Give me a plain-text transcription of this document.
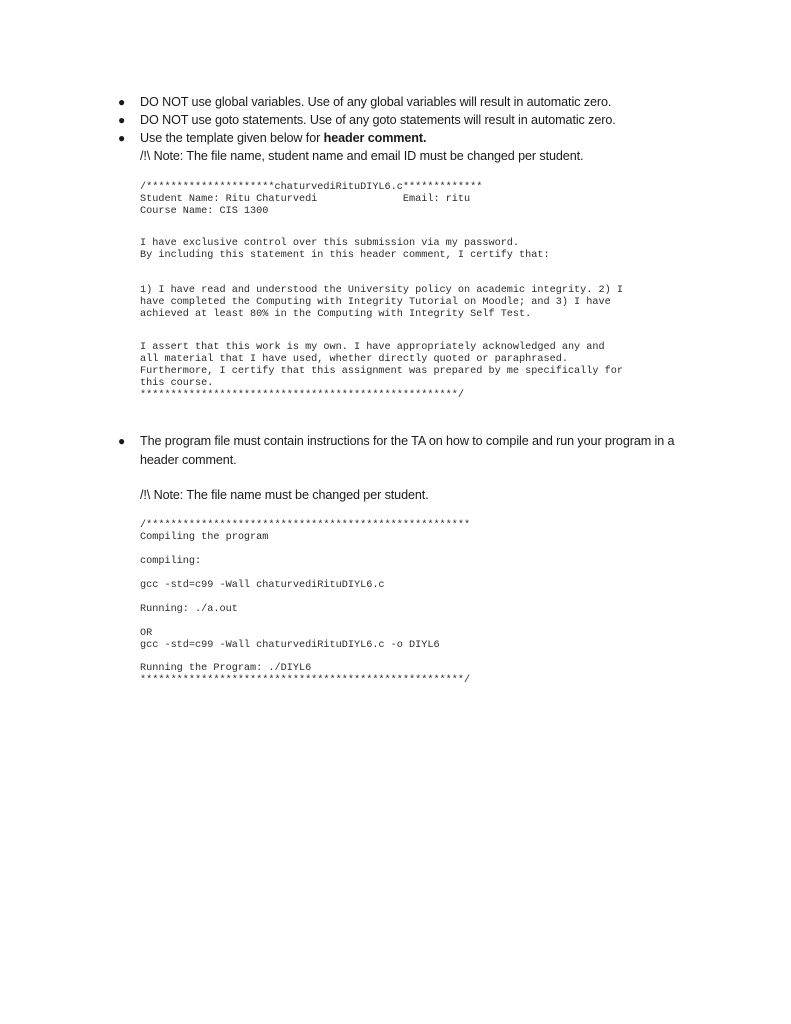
● DO NOT use global variables. Use of any global variables will result in automatic zero.
● DO NOT use goto statements. Use of any goto statements will result in automatic zero.
● Use the template given below for header comment.
/!\ Note: The file name, student name and email ID must be changed per student.
/*********************chaturvediRituDIYL6.c*************
Student Name: Ritu Chaturvedi              Email: ritu
Course Name: CIS 1300
I have exclusive control over this submission via my password.
By including this statement in this header comment, I certify that:
1) I have read and understood the University policy on academic integrity. 2) I
have completed the Computing with Integrity Tutorial on Moodle; and 3) I have
achieved at least 80% in the Computing with Integrity Self Test.
I assert that this work is my own. I have appropriately acknowledged any and
all material that I have used, whether directly quoted or paraphrased.
Furthermore, I certify that this assignment was prepared by me specifically for
this course.
****************************************************/
● The program file must contain instructions for the TA on how to compile and run your program in a header comment.
/!\ Note: The file name must be changed per student.
/*****************************************************
Compiling the program

compiling:

gcc -std=c99 -Wall chaturvediRituDIYL6.c

Running: ./a.out

OR
gcc -std=c99 -Wall chaturvediRituDIYL6.c -o DIYL6

Running the Program: ./DIYL6
*****************************************************/
